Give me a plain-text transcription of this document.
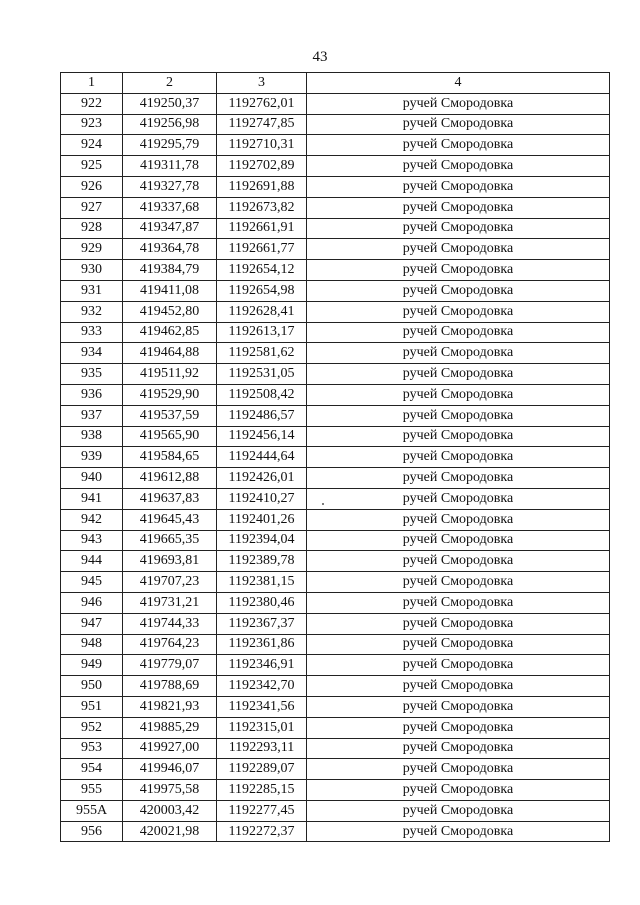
43
1	2	3	4
922	419250,37	1192762,01	ручей Смородовка
923	419256,98	1192747,85	ручей Смородовка
924	419295,79	1192710,31	ручей Смородовка
925	419311,78	1192702,89	ручей Смородовка
926	419327,78	1192691,88	ручей Смородовка
927	419337,68	1192673,82	ручей Смородовка
928	419347,87	1192661,91	ручей Смородовка
929	419364,78	1192661,77	ручей Смородовка
930	419384,79	1192654,12	ручей Смородовка
931	419411,08	1192654,98	ручей Смородовка
932	419452,80	1192628,41	ручей Смородовка
933	419462,85	1192613,17	ручей Смородовка
934	419464,88	1192581,62	ручей Смородовка
935	419511,92	1192531,05	ручей Смородовка
936	419529,90	1192508,42	ручей Смородовка
937	419537,59	1192486,57	ручей Смородовка
938	419565,90	1192456,14	ручей Смородовка
939	419584,65	1192444,64	ручей Смородовка
940	419612,88	1192426,01	ручей Смородовка
941	419637,83	1192410,27	ручей Смородовка
942	419645,43	1192401,26	ручей Смородовка
943	419665,35	1192394,04	ручей Смородовка
944	419693,81	1192389,78	ручей Смородовка
945	419707,23	1192381,15	ручей Смородовка
946	419731,21	1192380,46	ручей Смородовка
947	419744,33	1192367,37	ручей Смородовка
948	419764,23	1192361,86	ручей Смородовка
949	419779,07	1192346,91	ручей Смородовка
950	419788,69	1192342,70	ручей Смородовка
951	419821,93	1192341,56	ручей Смородовка
952	419885,29	1192315,01	ручей Смородовка
953	419927,00	1192293,11	ручей Смородовка
954	419946,07	1192289,07	ручей Смородовка
955	419975,58	1192285,15	ручей Смородовка
955А	420003,42	1192277,45	ручей Смородовка
956	420021,98	1192272,37	ручей Смородовка
